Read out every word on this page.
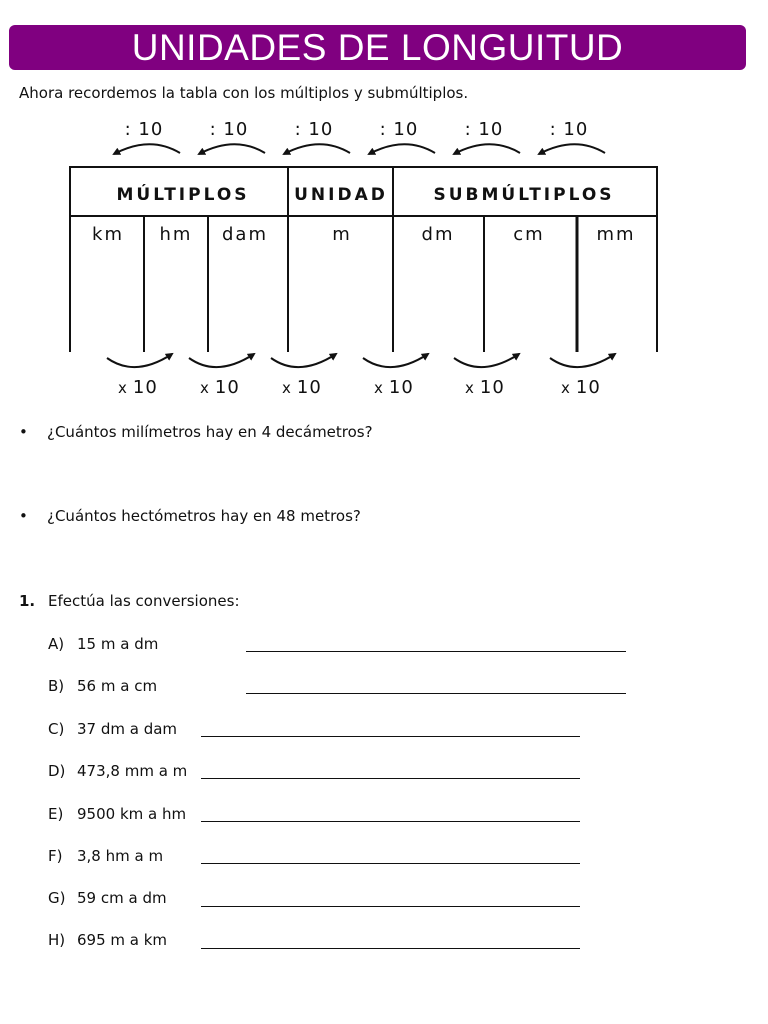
UNIDADES DE LONGUITUD
Ahora recordemos la tabla con los múltiplos y submúltiplos.
: 10	: 10	: 10	: 10	: 10	: 10
MÚLTIPLOS	UNIDAD	SUBMÚLTIPLOS
km hm dam	m	dm	cm	mm
x 10	x 10	x 10	x 10	x 10	x 10
• ¿Cuántos milímetros hay en 4 decámetros?
• ¿Cuántos hectómetros hay en 48 metros?
1. Efectúa las conversiones:
A) 15 m a dm
B) 56 m a cm
C) 37 dm a dam
D) 473,8 mm a m
E) 9500 km a hm
F) 3,8 hm a m
G) 59 cm a dm
H) 695 m a km
